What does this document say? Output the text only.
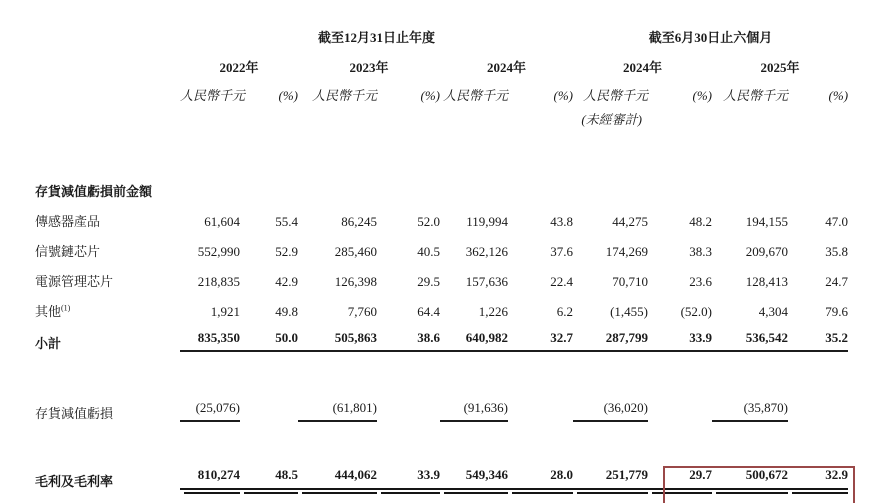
	截至12月31日止年度						截至6月30日止六個月			
	2022年		2023年		2024年		2024年		2025年	
	人民幣千元	(%)	人民幣千元	(%)	人民幣千元	(%)	人民幣千元	(%)	人民幣千元	(%)
							(未經審計)			

存貨減值虧損前金額										
傳感器產品	61,604	55.4	86,245	52.0	119,994	43.8	44,275	48.2	194,155	47.0

信號鏈芯片	552,990	52.9	285,460	40.5	362,126	37.6	174,269	38.3	209,670	35.8

電源管理芯片	218,835	42.9	126,398	29.5	157,636	22.4	70,710	23.6	128,413	24.7

其他$^{(1)}$	1,921	49.8	7,760	64.4	1,226	6.2	(1,455)	(52.0)	4,304	79.6

小計	835,350	50.0	505,863	38.6	640,982	32.7	287,799	33.9	536,542	35.2

存貨減值虧損	(25,076)		(61,801)		(91,636)		(36,020)		(35,870)	

毛利及毛利率	810,274	48.5	444,062	33.9	549,346	28.0	251,779	29.7	500,672	32.9
